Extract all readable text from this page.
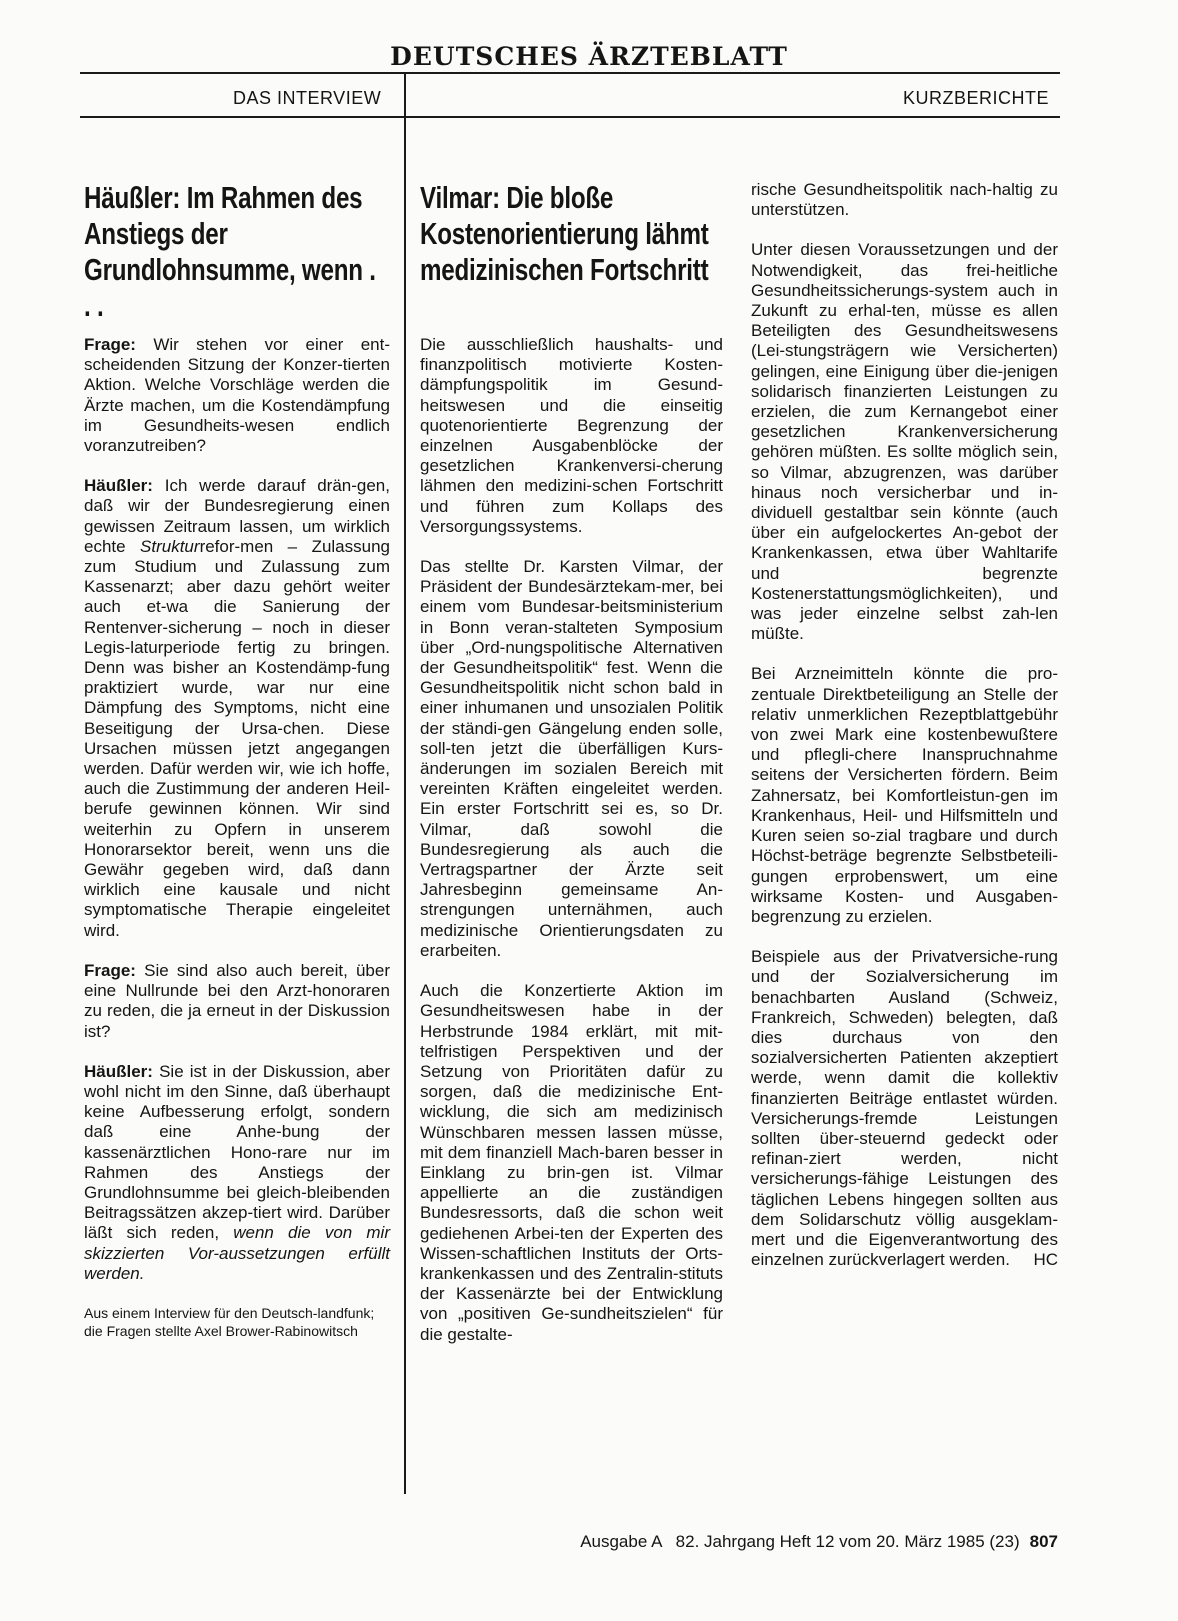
DEUTSCHES ÄRZTEBLATT
DAS INTERVIEW	KURZBERICHTE
Häußler: Im Rahmen des Anstiegs der Grundlohnsumme, wenn . . .

Frage: Wir stehen vor einer ent-scheidenden Sitzung der Konzer-tierten Aktion. Welche Vorschläge werden die Ärzte machen, um die Kostendämpfung im Gesundheits-wesen endlich voranzutreiben?

Häußler: Ich werde darauf drän-gen, daß wir der Bundesregierung einen gewissen Zeitraum lassen, um wirklich echte Strukturrefor-men – Zulassung zum Studium und Zulassung zum Kassenarzt; aber dazu gehört weiter auch et-wa die Sanierung der Rentenver-sicherung – noch in dieser Legis-laturperiode fertig zu bringen. Denn was bisher an Kostendämp-fung praktiziert wurde, war nur eine Dämpfung des Symptoms, nicht eine Beseitigung der Ursa-chen. Diese Ursachen müssen jetzt angegangen werden. Dafür werden wir, wie ich hoffe, auch die Zustimmung der anderen Heil-berufe gewinnen können. Wir sind weiterhin zu Opfern in unserem Honorarsektor bereit, wenn uns die Gewähr gegeben wird, daß dann wirklich eine kausale und nicht symptomatische Therapie eingeleitet wird.

Frage: Sie sind also auch bereit, über eine Nullrunde bei den Arzt-honoraren zu reden, die ja erneut in der Diskussion ist?

Häußler: Sie ist in der Diskussion, aber wohl nicht im den Sinne, daß überhaupt keine Aufbesserung erfolgt, sondern daß eine Anhe-bung der kassenärztlichen Hono-rare nur im Rahmen des Anstiegs der Grundlohnsumme bei gleich-bleibenden Beitragssätzen akzep-tiert wird. Darüber läßt sich reden, wenn die von mir skizzierten Vor-aussetzungen erfüllt werden.

Aus einem Interview für den Deutsch-landfunk; die Fragen stellte Axel Brower-Rabinowitsch

Vilmar: Die bloße Kostenorientierung lähmt medizinischen Fortschritt

Die ausschließlich haushalts- und finanzpolitisch motivierte Kosten-dämpfungspolitik im Gesund-heitswesen und die einseitig quotenorientierte Begrenzung der einzelnen Ausgabenblöcke der gesetzlichen Krankenversi-cherung lähmen den medizini-schen Fortschritt und führen zum Kollaps des Versorgungssystems.

Das stellte Dr. Karsten Vilmar, der Präsident der Bundesärztekam-mer, bei einem vom Bundesar-beitsministerium in Bonn veran-stalteten Symposium über „Ord-nungspolitische Alternativen der Gesundheitspolitik“ fest. Wenn die Gesundheitspolitik nicht schon bald in einer inhumanen und unsozialen Politik der ständi-gen Gängelung enden solle, soll-ten jetzt die überfälligen Kurs-änderungen im sozialen Bereich mit vereinten Kräften eingeleitet werden. Ein erster Fortschritt sei es, so Dr. Vilmar, daß sowohl die Bundesregierung als auch die Vertragspartner der Ärzte seit Jahresbeginn gemeinsame An-strengungen unternähmen, auch medizinische Orientierungsdaten zu erarbeiten.

Auch die Konzertierte Aktion im Gesundheitswesen habe in der Herbstrunde 1984 erklärt, mit mit-telfristigen Perspektiven und der Setzung von Prioritäten dafür zu sorgen, daß die medizinische Ent-wicklung, die sich am medizinisch Wünschbaren messen lassen müsse, mit dem finanziell Mach-baren besser in Einklang zu brin-gen ist. Vilmar appellierte an die zuständigen Bundesressorts, daß die schon weit gediehenen Arbei-ten der Experten des Wissen-schaftlichen Instituts der Orts-krankenkassen und des Zentralin-stituts der Kassenärzte bei der Entwicklung von „positiven Ge-sundheitszielen“ für die gestalte-

rische Gesundheitspolitik nach-haltig zu unterstützen.

Unter diesen Voraussetzungen und der Notwendigkeit, das frei-heitliche Gesundheitssicherungs-system auch in Zukunft zu erhal-ten, müsse es allen Beteiligten des Gesundheitswesens (Lei-stungsträgern wie Versicherten) gelingen, eine Einigung über die-jenigen solidarisch finanzierten Leistungen zu erzielen, die zum Kernangebot einer gesetzlichen Krankenversicherung gehören müßten. Es sollte möglich sein, so Vilmar, abzugrenzen, was darüber hinaus noch versicherbar und in-dividuell gestaltbar sein könnte (auch über ein aufgelockertes An-gebot der Krankenkassen, etwa über Wahltarife und begrenzte Kostenerstattungsmöglichkeiten), und was jeder einzelne selbst zah-len müßte.

Bei Arzneimitteln könnte die pro-zentuale Direktbeteiligung an Stelle der relativ unmerklichen Rezeptblattgebühr von zwei Mark eine kostenbewußtere und pflegli-chere Inanspruchnahme seitens der Versicherten fördern. Beim Zahnersatz, bei Komfortleistun-gen im Krankenhaus, Heil- und Hilfsmitteln und Kuren seien so-zial tragbare und durch Höchst-beträge begrenzte Selbstbeteili-gungen erprobenswert, um eine wirksame Kosten- und Ausgaben-begrenzung zu erzielen.

Beispiele aus der Privatversiche-rung und der Sozialversicherung im benachbarten Ausland (Schweiz, Frankreich, Schweden) belegten, daß dies durchaus von den sozialversicherten Patienten akzeptiert werde, wenn damit die kollektiv finanzierten Beiträge entlastet würden. Versicherungs-fremde Leistungen sollten über-steuernd gedeckt oder refinan-ziert werden, nicht versicherungs-fähige Leistungen des täglichen Lebens hingegen sollten aus dem Solidarschutz völlig ausgeklam-mert und die Eigenverantwortung des einzelnen zurückverlagert werden. HC

Ausgabe A   82. Jahrgang Heft 12 vom 20. März 1985 (23) 807
